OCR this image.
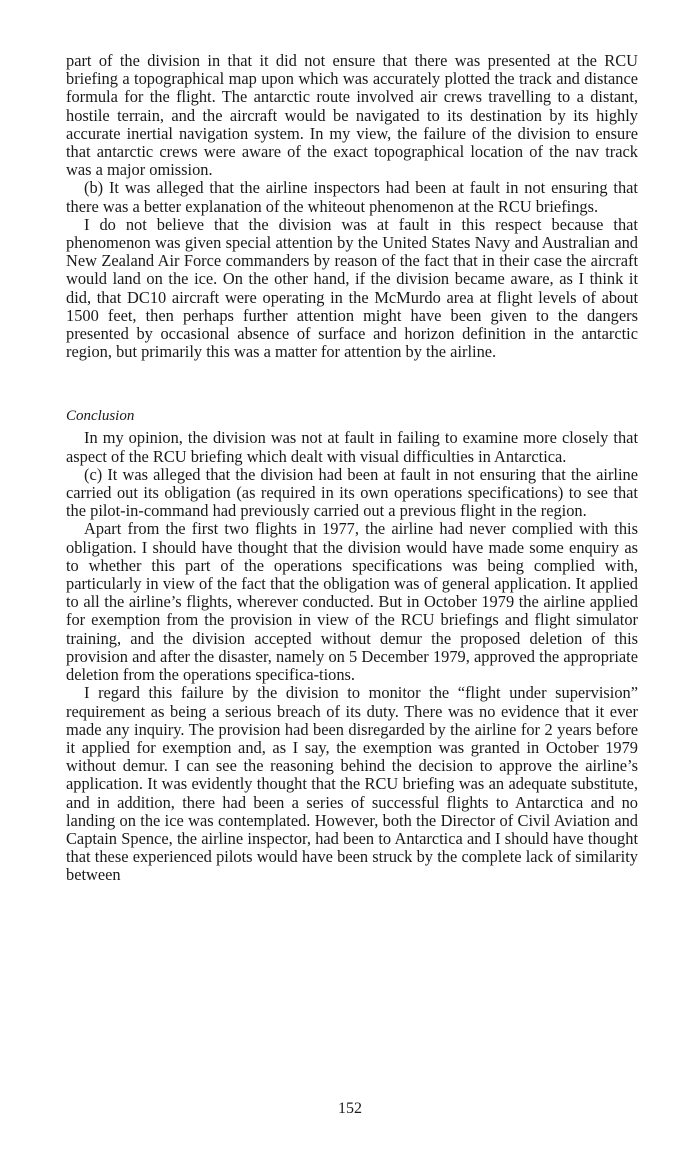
part of the division in that it did not ensure that there was presented at the RCU briefing a topographical map upon which was accurately plotted the track and distance formula for the flight. The antarctic route involved air crews travelling to a distant, hostile terrain, and the aircraft would be navigated to its destination by its highly accurate inertial navigation system. In my view, the failure of the division to ensure that antarctic crews were aware of the exact topographical location of the nav track was a major omission.

(b) It was alleged that the airline inspectors had been at fault in not ensuring that there was a better explanation of the whiteout phenomenon at the RCU briefings.

I do not believe that the division was at fault in this respect because that phenomenon was given special attention by the United States Navy and Australian and New Zealand Air Force commanders by reason of the fact that in their case the aircraft would land on the ice. On the other hand, if the division became aware, as I think it did, that DC10 aircraft were operating in the McMurdo area at flight levels of about 1500 feet, then perhaps further attention might have been given to the dangers presented by occasional absence of surface and horizon definition in the antarctic region, but primarily this was a matter for attention by the airline.

Conclusion

In my opinion, the division was not at fault in failing to examine more closely that aspect of the RCU briefing which dealt with visual difficulties in Antarctica.

(c) It was alleged that the division had been at fault in not ensuring that the airline carried out its obligation (as required in its own operations specifications) to see that the pilot-in-command had previously carried out a previous flight in the region.

Apart from the first two flights in 1977, the airline had never complied with this obligation. I should have thought that the division would have made some enquiry as to whether this part of the operations specifications was being complied with, particularly in view of the fact that the obligation was of general application. It applied to all the airline’s flights, wherever conducted. But in October 1979 the airline applied for exemption from the provision in view of the RCU briefings and flight simulator training, and the division accepted without demur the proposed deletion of this provision and after the disaster, namely on 5 December 1979, approved the appropriate deletion from the operations specifica-tions.

I regard this failure by the division to monitor the “flight under supervision” requirement as being a serious breach of its duty. There was no evidence that it ever made any inquiry. The provision had been disregarded by the airline for 2 years before it applied for exemption and, as I say, the exemption was granted in October 1979 without demur. I can see the reasoning behind the decision to approve the airline’s application. It was evidently thought that the RCU briefing was an adequate substitute, and in addition, there had been a series of successful flights to Antarctica and no landing on the ice was contemplated. However, both the Director of Civil Aviation and Captain Spence, the airline inspector, had been to Antarctica and I should have thought that these experienced pilots would have been struck by the complete lack of similarity between

152
